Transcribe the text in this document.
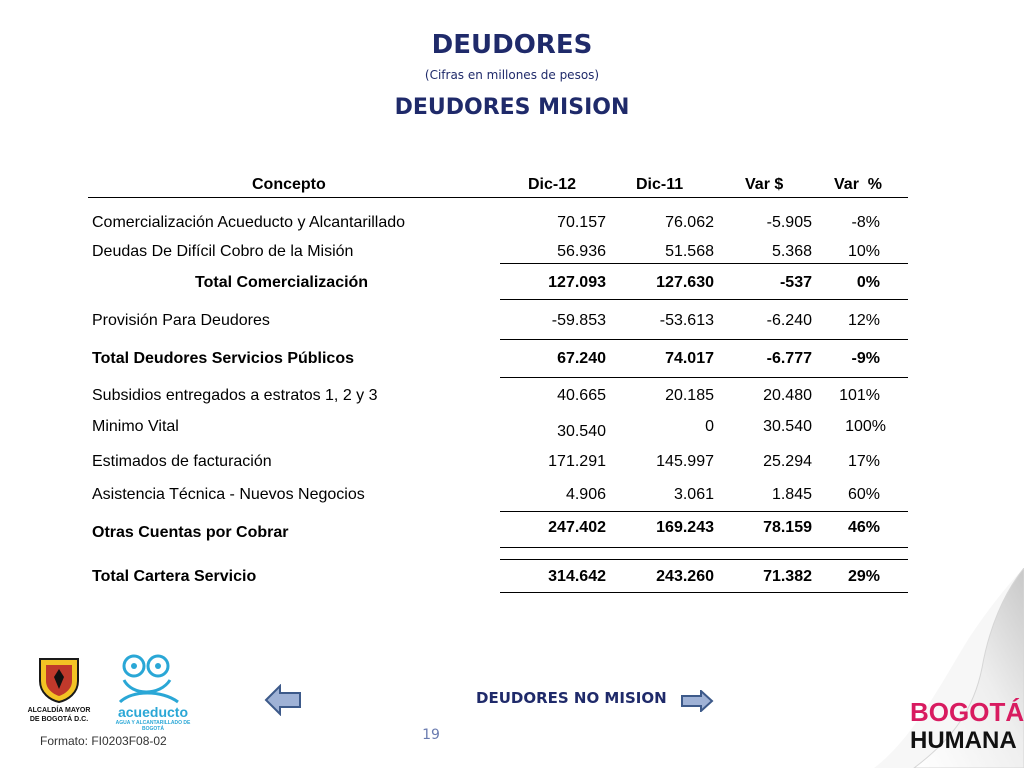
DEUDORES
(Cifras en millones de pesos)
DEUDORES MISION
Concepto	Dic-12	Dic-11	Var $	Var  %
Comercialización Acueducto y Alcantarillado	70.157	76.062	-5.905	-8%
Deudas De Difícil Cobro de la Misión	56.936	51.568	5.368	10%
Total Comercialización	127.093	127.630	-537	0%
Provisión Para Deudores	-59.853	-53.613	-6.240	12%
Total Deudores Servicios Públicos	67.240	74.017	-6.777	-9%
Subsidios entregados a estratos 1, 2 y 3	40.665	20.185	20.480	101%
Minimo Vital	30.540	0	30.540	100%
Estimados de facturación	171.291	145.997	25.294	17%
Asistencia Técnica - Nuevos Negocios	4.906	3.061	1.845	60%
Otras Cuentas por Cobrar	247.402	169.243	78.159	46%
Total Cartera Servicio	314.642	243.260	71.382	29%
ALCALDÍA MAYOR DE BOGOTÁ D.C.	acueducto
AGUA Y ALCANTARILLADO DE BOGOTÁ
Formato: FI0203F08-02
DEUDORES NO MISION
19
BOGOTÁ
HUMANA
